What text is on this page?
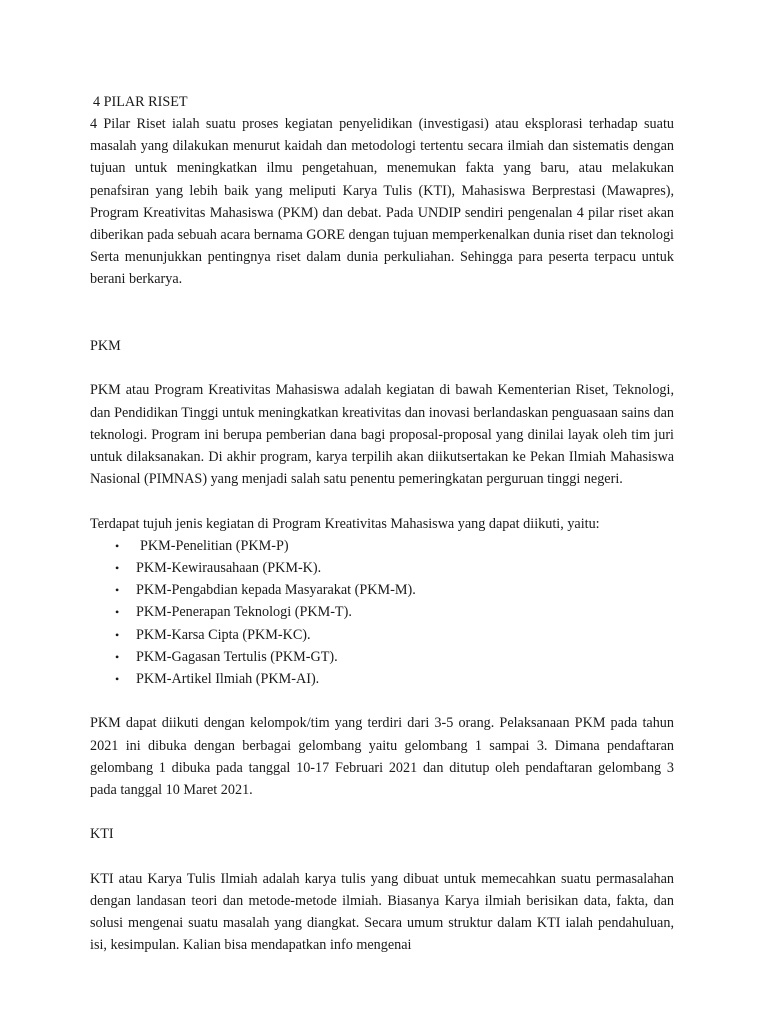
4 PILAR RISET

4 Pilar Riset ialah suatu proses kegiatan penyelidikan (investigasi) atau eksplorasi terhadap suatu masalah yang dilakukan menurut kaidah dan metodologi tertentu secara ilmiah dan sistematis dengan tujuan untuk meningkatkan ilmu pengetahuan, menemukan fakta yang baru, atau melakukan penafsiran yang lebih baik yang meliputi Karya Tulis (KTI), Mahasiswa Berprestasi (Mawapres), Program Kreativitas Mahasiswa (PKM) dan debat. Pada UNDIP sendiri pengenalan 4 pilar riset akan diberikan pada sebuah acara bernama GORE dengan tujuan memperkenalkan dunia riset dan teknologi Serta menunjukkan pentingnya riset dalam dunia perkuliahan. Sehingga para peserta terpacu untuk berani berkarya.

PKM

PKM atau Program Kreativitas Mahasiswa adalah kegiatan di bawah Kementerian Riset, Teknologi, dan Pendidikan Tinggi untuk meningkatkan kreativitas dan inovasi berlandaskan penguasaan sains dan teknologi. Program ini berupa pemberian dana bagi proposal-proposal yang dinilai layak oleh tim juri untuk dilaksanakan. Di akhir program, karya terpilih akan diikutsertakan ke Pekan Ilmiah Mahasiswa Nasional (PIMNAS) yang menjadi salah satu penentu pemeringkatan perguruan tinggi negeri.

Terdapat tujuh jenis kegiatan di Program Kreativitas Mahasiswa yang dapat diikuti, yaitu:

• PKM-Penelitian (PKM-P)
• PKM-Kewirausahaan (PKM-K).
• PKM-Pengabdian kepada Masyarakat (PKM-M).
• PKM-Penerapan Teknologi (PKM-T).
• PKM-Karsa Cipta (PKM-KC).
• PKM-Gagasan Tertulis (PKM-GT).
• PKM-Artikel Ilmiah (PKM-AI).

PKM dapat diikuti dengan kelompok/tim yang terdiri dari 3-5 orang. Pelaksanaan PKM pada tahun 2021 ini dibuka dengan berbagai gelombang yaitu gelombang 1 sampai 3. Dimana pendaftaran gelombang 1 dibuka pada tanggal 10-17 Februari 2021 dan ditutup oleh pendaftaran gelombang 3 pada tanggal 10 Maret 2021.

KTI

KTI atau Karya Tulis Ilmiah adalah karya tulis yang dibuat untuk memecahkan suatu permasalahan dengan landasan teori dan metode-metode ilmiah. Biasanya Karya ilmiah berisikan data, fakta, dan solusi mengenai suatu masalah yang diangkat. Secara umum struktur dalam KTI ialah pendahuluan, isi, kesimpulan. Kalian bisa mendapatkan info mengenai
